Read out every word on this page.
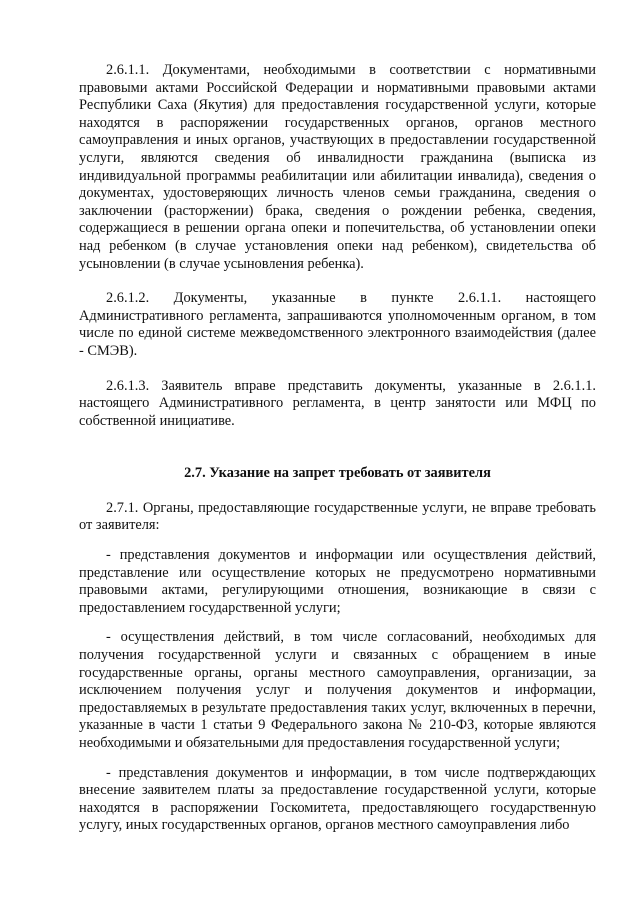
2.6.1.1. Документами, необходимыми в соответствии с нормативными правовыми актами Российской Федерации и нормативными правовыми актами Республики Саха (Якутия) для предоставления государственной услуги, которые находятся в распоряжении государственных органов, органов местного самоуправления и иных органов, участвующих в предоставлении государственной услуги, являются сведения об инвалидности гражданина (выписка из индивидуальной программы реабилитации или абилитации инвалида), сведения о документах, удостоверяющих личность членов семьи гражданина, сведения о заключении (расторжении) брака, сведения о рождении ребенка, сведения, содержащиеся в решении органа опеки и попечительства, об установлении опеки над ребенком (в случае установления опеки над ребенком), свидетельства об усыновлении (в случае усыновления ребенка).

2.6.1.2. Документы, указанные в пункте 2.6.1.1. настоящего Административного регламента, запрашиваются уполномоченным органом, в том числе по единой системе межведомственного электронного взаимодействия (далее - СМЭВ).

2.6.1.3. Заявитель вправе представить документы, указанные в 2.6.1.1. настоящего Административного регламента, в центр занятости или МФЦ по собственной инициативе.

2.7. Указание на запрет требовать от заявителя

2.7.1. Органы, предоставляющие государственные услуги, не вправе требовать от заявителя:

- представления документов и информации или осуществления действий, представление или осуществление которых не предусмотрено нормативными правовыми актами, регулирующими отношения, возникающие в связи с предоставлением государственной услуги;

- осуществления действий, в том числе согласований, необходимых для получения государственной услуги и связанных с обращением в иные государственные органы, органы местного самоуправления, организации, за исключением получения услуг и получения документов и информации, предоставляемых в результате предоставления таких услуг, включенных в перечни, указанные в части 1 статьи 9 Федерального закона № 210-ФЗ, которые являются необходимыми и обязательными для предоставления государственной услуги;

- представления документов и информации, в том числе подтверждающих внесение заявителем платы за предоставление государственной услуги, которые находятся в распоряжении Госкомитета, предоставляющего государственную услугу, иных государственных органов, органов местного самоуправления либо
